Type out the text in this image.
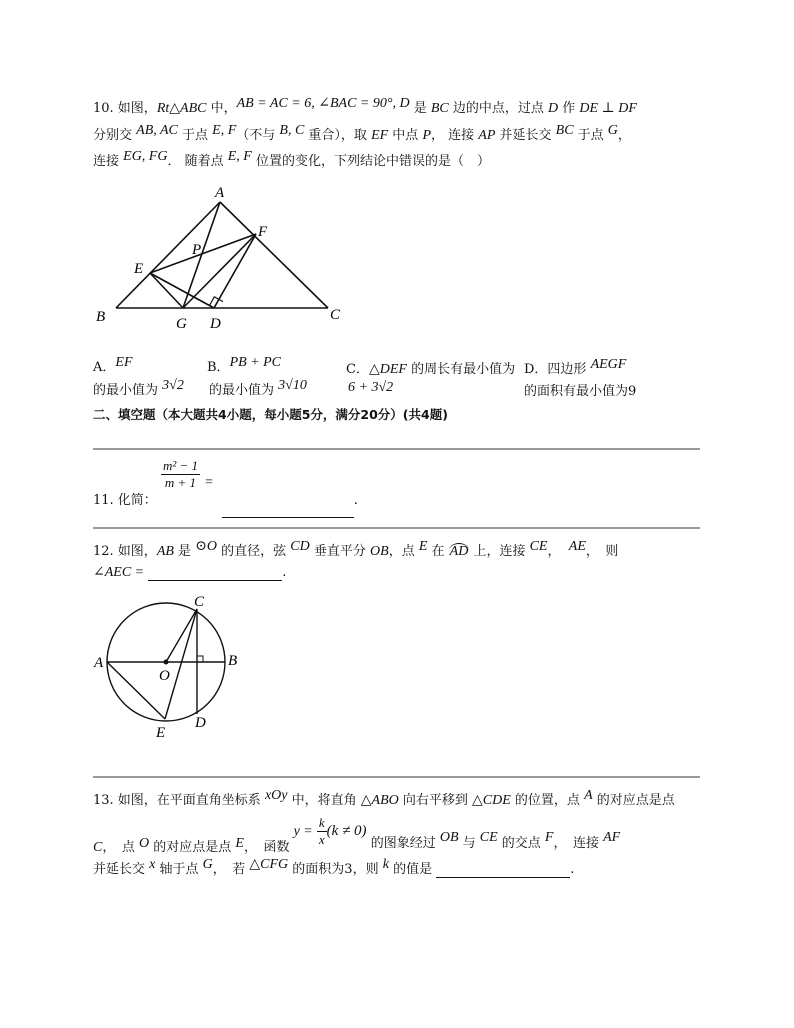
10. 如图，Rt△ABC 中，AB = AC = 6, ∠BAC = 90°, D 是 BC 边的中点，过点 D 作 DE ⊥ DF
分别交 AB, AC 于点 E, F（不与 B, C 重合），取 EF 中点 P， 连接 AP 并延长交 BC 于点 G，
连接 EG, FG． 随着点 E, F 位置的变化，下列结论中错误的是（　）
A
B	C
D
E
F
G
P
A．EF
的最小值为 3√2
B．PB + PC
的最小值为 3√10
C．△DEF 的周长有最小值为
6 + 3√2
D．四边形 AEGF
的面积有最小值为9
二、填空题（本大题共4小题，每小题5分，满分20分）(共4题)
11. 化简：
$\frac{\text{m² − 1}}{m + 1}$ = .
12. 如图，AB 是 ⊙O 的直径，弦 CD 垂直平分 OB，点 E 在 AD 上，连接 CE， AE，　则
∠AEC =	.
C
A	B
O
D
E
13. 如图，在平面直角坐标系 xOy 中，将直角 △ABO 向右平移到 △CDE 的位置，点 A 的对应点是点
C，　点 O 的对应点是点 E，　函数 $y = \frac{k}{x} (k \ne 0)$ 的图象经过 OB 与 CE 的交点 F，　连接 AF
并延长交 x 轴于点 G，　若 △CFG 的面积为3，则 k 的值是	.
